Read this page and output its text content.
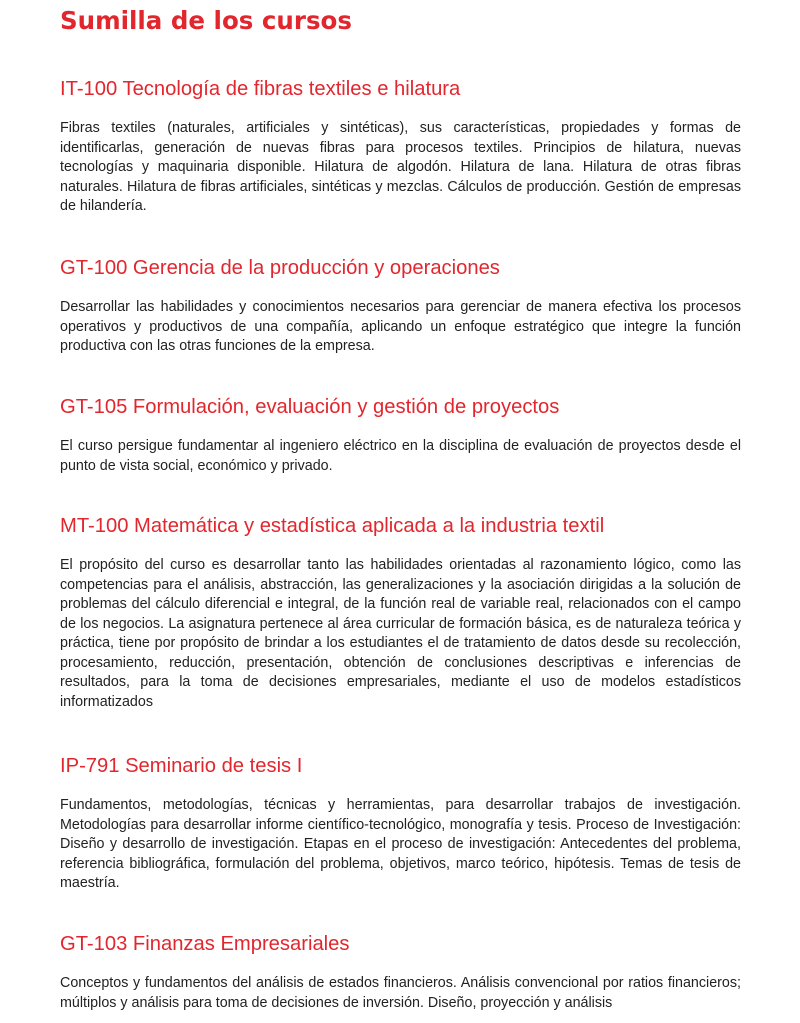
Sumilla de los cursos
IT-100 Tecnología de fibras textiles e hilatura

Fibras textiles (naturales, artificiales y sintéticas), sus características, propiedades y formas de identificarlas, generación de nuevas fibras para procesos textiles. Principios de hilatura, nuevas tecnologías y maquinaria disponible. Hilatura de algodón. Hilatura de lana. Hilatura de otras fibras naturales. Hilatura de fibras artificiales, sintéticas y mezclas. Cálculos de producción. Gestión de empresas de hilandería.

GT-100 Gerencia de la producción y operaciones

Desarrollar las habilidades y conocimientos necesarios para gerenciar de manera efectiva los procesos operativos y productivos de una compañía, aplicando un enfoque estratégico que integre la función productiva con las otras funciones de la empresa.

GT-105 Formulación, evaluación y gestión de proyectos

El curso persigue fundamentar al ingeniero eléctrico en la disciplina de evaluación de proyectos desde el punto de vista social, económico y privado.

MT-100 Matemática y estadística aplicada a la industria textil

El propósito del curso es desarrollar tanto las habilidades orientadas al razonamiento lógico, como las competencias para el análisis, abstracción, las generalizaciones y la asociación dirigidas a la solución de problemas del cálculo diferencial e integral, de la función real de variable real, relacionados con el campo de los negocios. La asignatura pertenece al área curricular de formación básica, es de naturaleza teórica y práctica, tiene por propósito de brindar a los estudiantes el de tratamiento de datos desde su recolección, procesamiento, reducción, presentación, obtención de conclusiones descriptivas e inferencias de resultados, para la toma de decisiones empresariales, mediante el uso de modelos estadísticos informatizados

IP-791 Seminario de tesis I

Fundamentos, metodologías, técnicas y herramientas, para desarrollar trabajos de investigación. Metodologías para desarrollar informe científico-tecnológico, monografía y tesis. Proceso de Investigación: Diseño y desarrollo de investigación. Etapas en el proceso de investigación: Antecedentes del problema, referencia bibliográfica, formulación del problema, objetivos, marco teórico, hipótesis. Temas de tesis de maestría.

GT-103 Finanzas Empresariales

Conceptos y fundamentos del análisis de estados financieros. Análisis convencional por ratios financieros; múltiplos y análisis para toma de decisiones de inversión. Diseño, proyección y análisis
